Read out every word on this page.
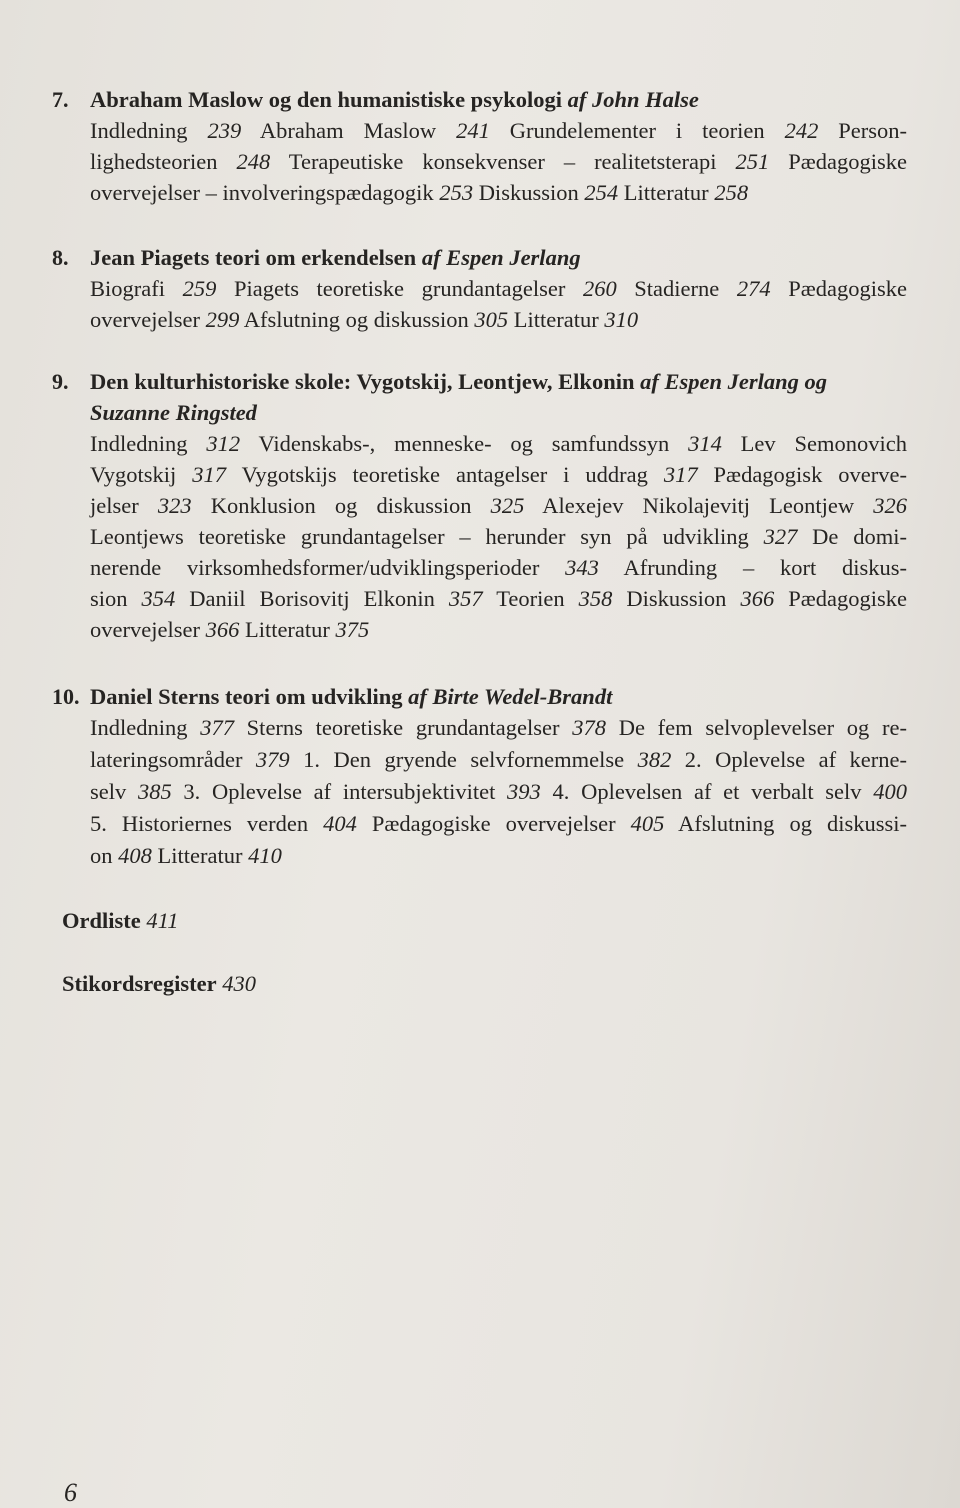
7. Abraham Maslow og den humanistiske psykologi af John Halse
Indledning 239 Abraham Maslow 241 Grundelementer i teorien 242 Person-
lighedsteorien 248 Terapeutiske konsekvenser – realitetsterapi 251 Pædagogiske
overvejelser – involveringspædagogik 253 Diskussion 254 Litteratur 258
8. Jean Piagets teori om erkendelsen af Espen Jerlang
Biografi 259 Piagets teoretiske grundantagelser 260 Stadierne 274 Pædagogiske
overvejelser 299 Afslutning og diskussion 305 Litteratur 310
9. Den kulturhistoriske skole: Vygotskij, Leontjew, Elkonin af Espen Jerlang og
Suzanne Ringsted
Indledning 312 Videnskabs-, menneske- og samfundssyn 314 Lev Semonovich
Vygotskij 317 Vygotskijs teoretiske antagelser i uddrag 317 Pædagogisk overve-
jelser 323 Konklusion og diskussion 325 Alexejev Nikolajevitj Leontjew 326
Leontjews teoretiske grundantagelser – herunder syn på udvikling 327 De domi-
nerende virksomhedsformer/udviklingsperioder 343 Afrunding – kort diskus-
sion 354 Daniil Borisovitj Elkonin 357 Teorien 358 Diskussion 366 Pædagogiske
overvejelser 366 Litteratur 375
10. Daniel Sterns teori om udvikling af Birte Wedel-Brandt
Indledning 377 Sterns teoretiske grundantagelser 378 De fem selvoplevelser og re-
lateringsområder 379 1. Den gryende selvfornemmelse 382 2. Oplevelse af kerne-
selv 385 3. Oplevelse af intersubjektivitet 393 4. Oplevelsen af et verbalt selv 400
5. Historiernes verden 404 Pædagogiske overvejelser 405 Afslutning og diskussi-
on 408 Litteratur 410
Ordliste 411
Stikordsregister 430
6
